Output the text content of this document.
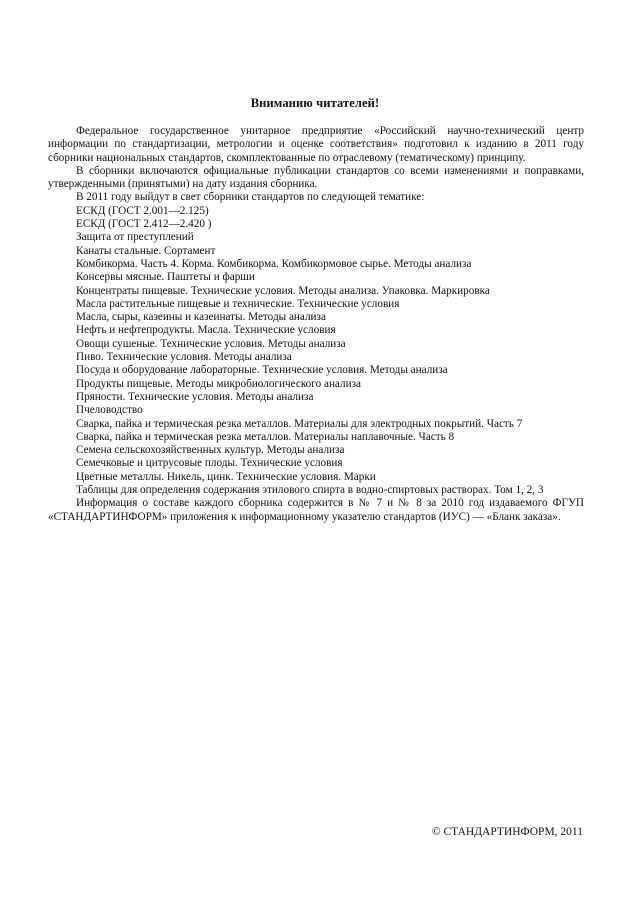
Вниманию читателей!

Федеральное государственное унитарное предприятие «Российский научно-технический центр информации по стандартизации, метрологии и оценке соответствия» подготовил к изданию в 2011 году сборники национальных стандартов, скомплектованные по отраслевому (тематическому) принципу.

В сборники включаются официальные публикации стандартов со всеми изменениями и поправками, утвержденными (принятыми) на дату издания сборника.

В 2011 году выйдут в свет сборники стандартов по следующей тематике:

ЕСКД (ГОСТ 2.001—2.125)

ЕСКД (ГОСТ 2.412—2.420 )

Защита от преступлений

Канаты стальные. Сортамент

Комбикорма. Часть 4. Корма. Комбикорма. Комбикормовое сырье. Методы анализа

Консервы мясные. Паштеты и фарши

Концентраты пищевые. Технические условия. Методы анализа. Упаковка. Маркировка

Масла растительные пищевые и технические. Технические условия

Масла, сыры, казеины и казеинаты. Методы анализа

Нефть и нефтепродукты. Масла. Технические условия

Овощи сушеные. Технические условия. Методы анализа

Пиво. Технические условия. Методы анализа

Посуда и оборудование лабораторные. Технические условия. Методы анализа

Продукты пищевые. Методы микробиологического анализа

Пряности. Технические условия. Методы анализа

Пчеловодство

Сварка, пайка и термическая резка металлов. Материалы для электродных покрытий. Часть 7

Сварка, пайка и термическая резка металлов. Материалы наплавочные. Часть 8

Семена сельскохозяйственных культур. Методы анализа

Семечковые и цитрусовые плоды. Технические условия

Цветные металлы. Никель, цинк. Технические условия. Марки

Таблицы для определения содержания этилового спирта в водно-спиртовых растворах. Том 1, 2, 3

Информация о составе каждого сборника содержится в № 7 и № 8 за 2010 год издаваемого ФГУП «СТАНДАРТИНФОРМ» приложения к информационному указателю стандартов (ИУС) — «Бланк заказа».

© СТАНДАРТИНФОРМ, 2011
